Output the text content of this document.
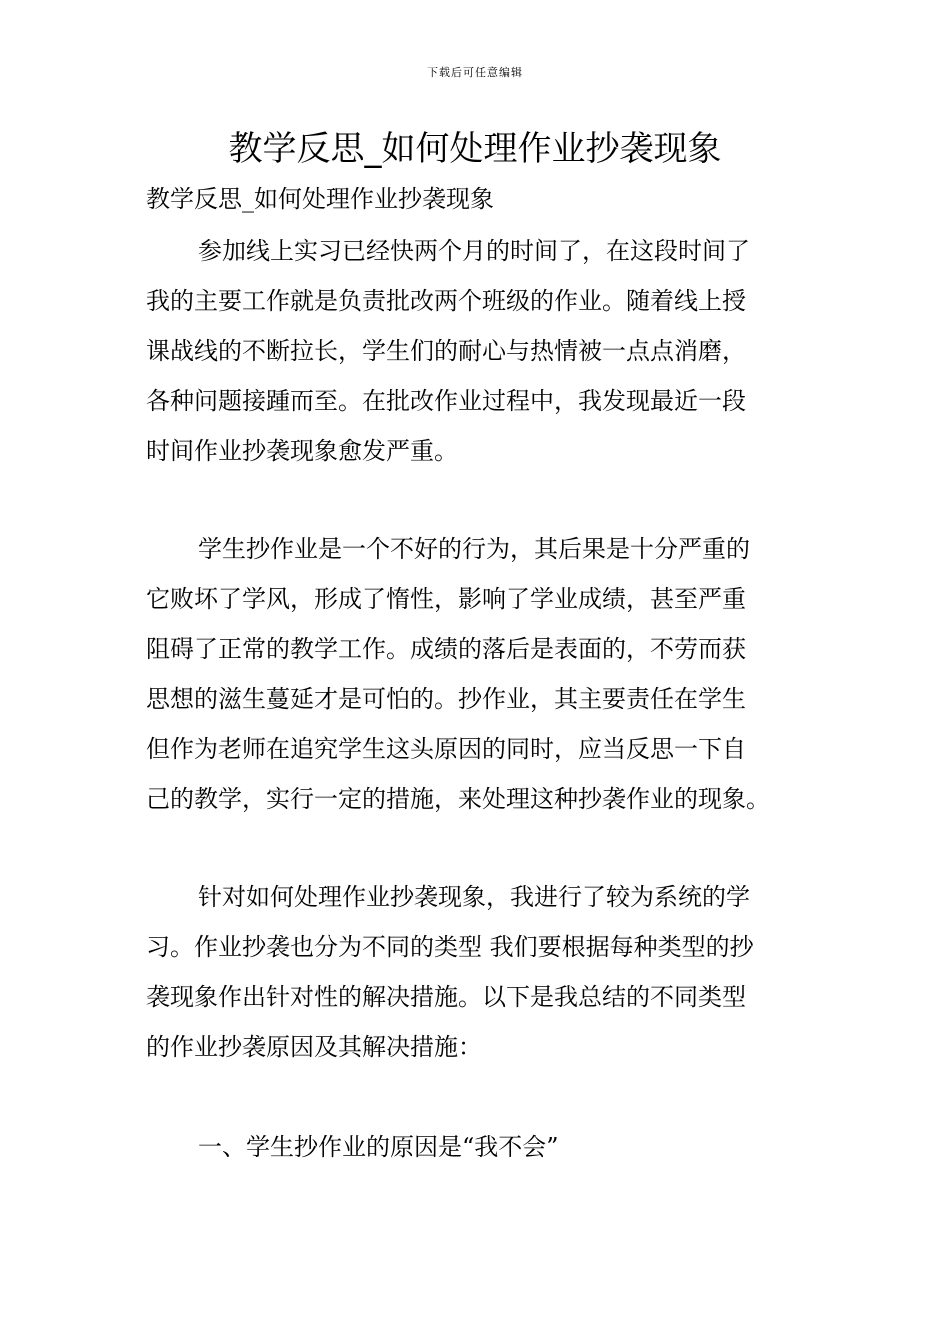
下载后可任意编辑
教学反思_如何处理作业抄袭现象

教学反思_如何处理作业抄袭现象

参加线上实习已经快两个月的时间了，在这段时间了
我的主要工作就是负责批改两个班级的作业。随着线上授
课战线的不断拉长，学生们的耐心与热情被一点点消磨，
各种问题接踵而至。在批改作业过程中，我发现最近一段
时间作业抄袭现象愈发严重。
学生抄作业是一个不好的行为，其后果是十分严重的
它败坏了学风，形成了惰性，影响了学业成绩，甚至严重
阻碍了正常的教学工作。成绩的落后是表面的，不劳而获
思想的滋生蔓延才是可怕的。抄作业，其主要责任在学生
但作为老师在追究学生这头原因的同时，应当反思一下自
己的教学，实行一定的措施，来处理这种抄袭作业的现象。
针对如何处理作业抄袭现象，我进行了较为系统的学
习。作业抄袭也分为不同的类型 我们要根据每种类型的抄
袭现象作出针对性的解决措施。以下是我总结的不同类型
的作业抄袭原因及其解决措施：
一、学生抄作业的原因是“我不会”
